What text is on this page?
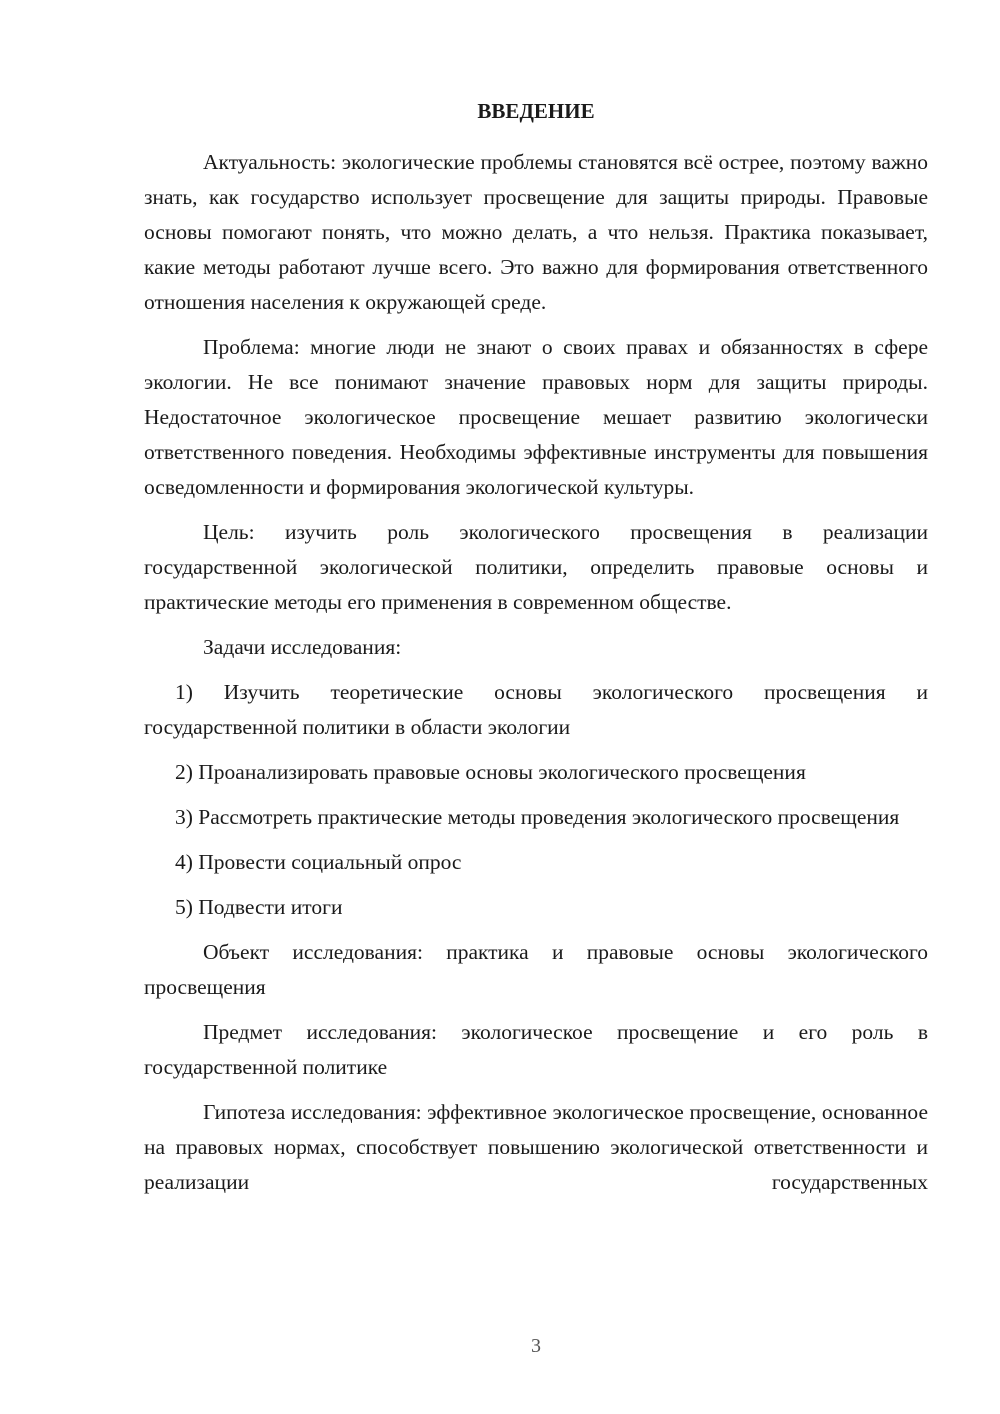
ВВЕДЕНИЕ

Актуальность: экологические проблемы становятся всё острее, поэтому важно знать, как государство использует просвещение для защиты природы. Правовые основы помогают понять, что можно делать, а что нельзя. Практика показывает, какие методы работают лучше всего. Это важно для формирования ответственного отношения населения к окружающей среде.

Проблема: многие люди не знают о своих правах и обязанностях в сфере экологии. Не все понимают значение правовых норм для защиты природы. Недостаточное экологическое просвещение мешает развитию экологически ответственного поведения. Необходимы эффективные инструменты для повышения осведомленности и формирования экологической культуры.

Цель: изучить роль экологического просвещения в реализации государственной экологической политики, определить правовые основы и практические методы его применения в современном обществе.

Задачи исследования:

1) Изучить теоретические основы экологического просвещения и государственной политики в области экологии

2) Проанализировать правовые основы экологического просвещения

3) Рассмотреть практические методы проведения экологического просвещения

4) Провести социальный опрос

5) Подвести итоги

Объект исследования: практика и правовые основы экологического просвещения

Предмет исследования: экологическое просвещение и его роль в государственной политике

Гипотеза исследования: эффективное экологическое просвещение, основанное на правовых нормах, способствует повышению экологической ответственности и реализации государственных

3
